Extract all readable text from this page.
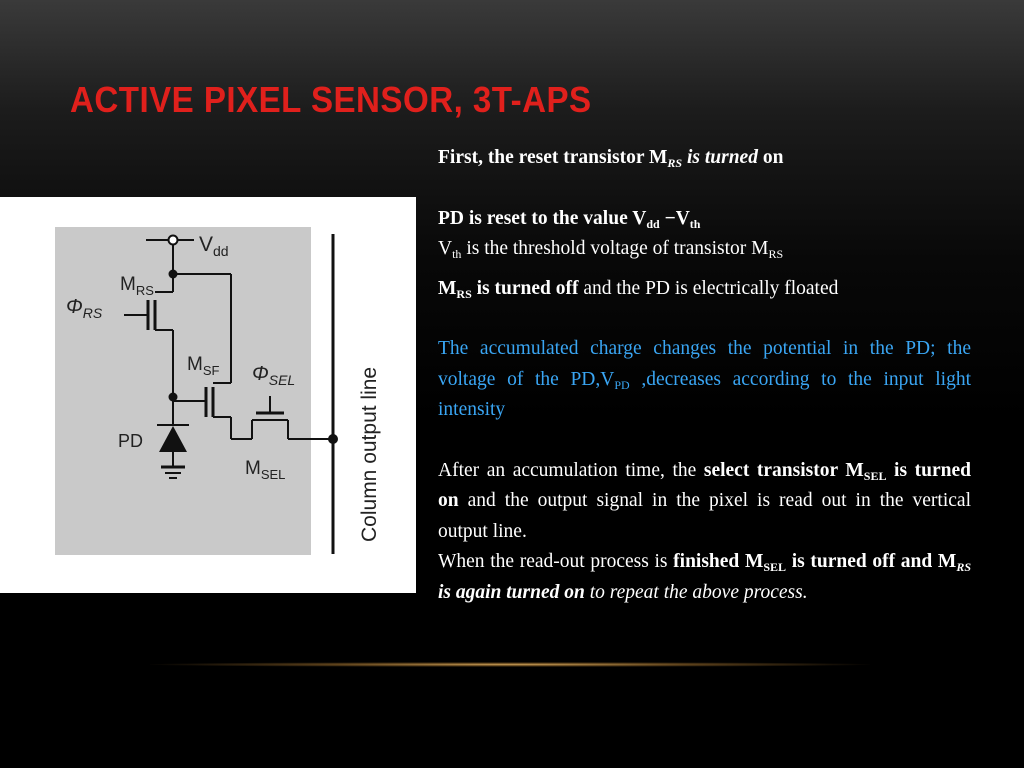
ACTIVE PIXEL SENSOR, 3T-APS
$V_{dd}$
$M_{RS}$
$\Phi_{RS}$
$M_{SF}$ $\Phi_{SEL}$
PD
$M_{SEL}$	Column output line

First, the reset transistor $M_{RS}$ is turned on

PD is reset to the value $V_{dd} -V_{th}$

$V_{th}$ is the threshold voltage of transistor $M_{RS}$

$M_{RS}$ is turned off and the PD is electrically floated

The accumulated charge changes the potential in the PD; the voltage of the $PD,V_{PD}$ ,decreases according to the input light intensity

After an accumulation time, the select transistor $M_{SEL}$ is turned on and the output signal in the pixel is read out in the vertical output line.

When the read-out process is finished $M_{SEL}$ is turned off and $M_{RS}$ is again turned on to repeat the above process.
